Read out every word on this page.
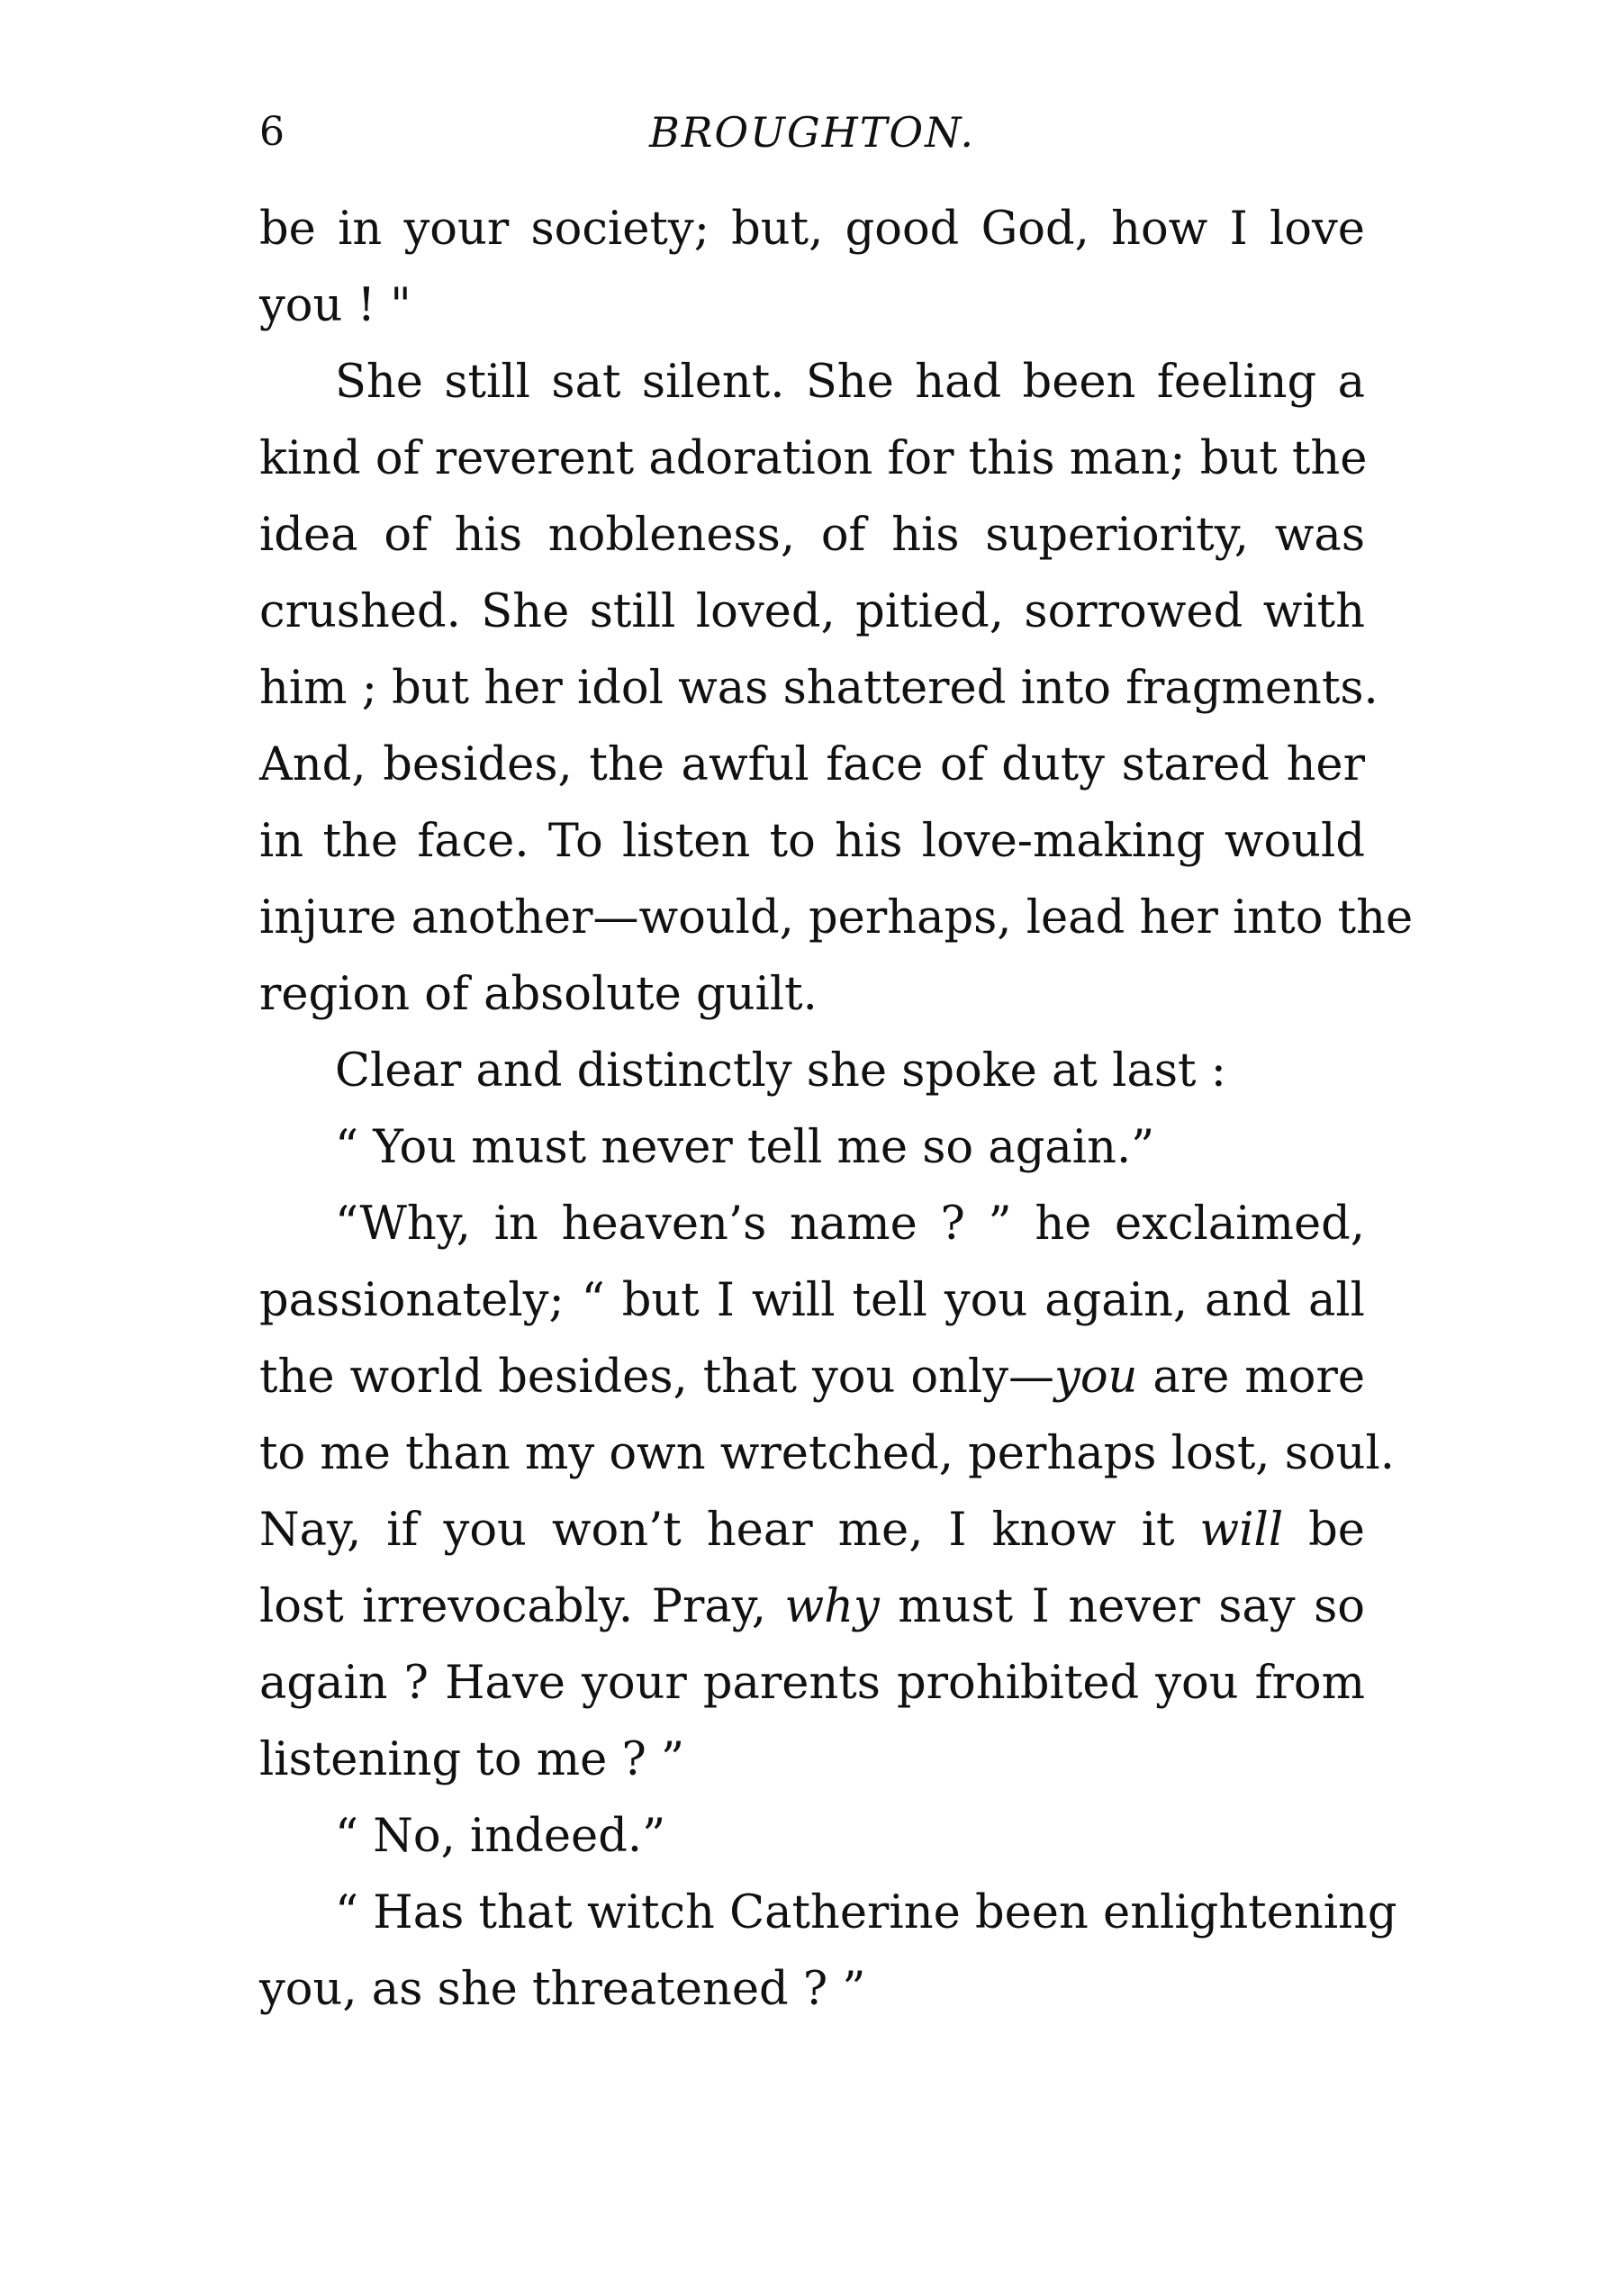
6	BROUGHTON.

be in your society; but, good God, how I love
you ! "

She still sat silent. She had been feeling a
kind of reverent adoration for this man; but the
idea of his nobleness, of his superiority, was
crushed. She still loved, pitied, sorrowed with
him ; but her idol was shattered into fragments.
And, besides, the awful face of duty stared her
in the face. To listen to his love-making would
injure another—would, perhaps, lead her into the
region of absolute guilt.

Clear and distinctly she spoke at last :

“ You must never tell me so again.”

“Why, in heaven’s name ? ” he exclaimed,
passionately; “ but I will tell you again, and all
the world besides, that you only—you are more
to me than my own wretched, perhaps lost, soul.
Nay, if you won’t hear me, I know it will be
lost irrevocably. Pray, why must I never say so
again ? Have your parents prohibited you from
listening to me ? ”

“ No, indeed.”

“ Has that witch Catherine been enlightening
you, as she threatened ? ”
